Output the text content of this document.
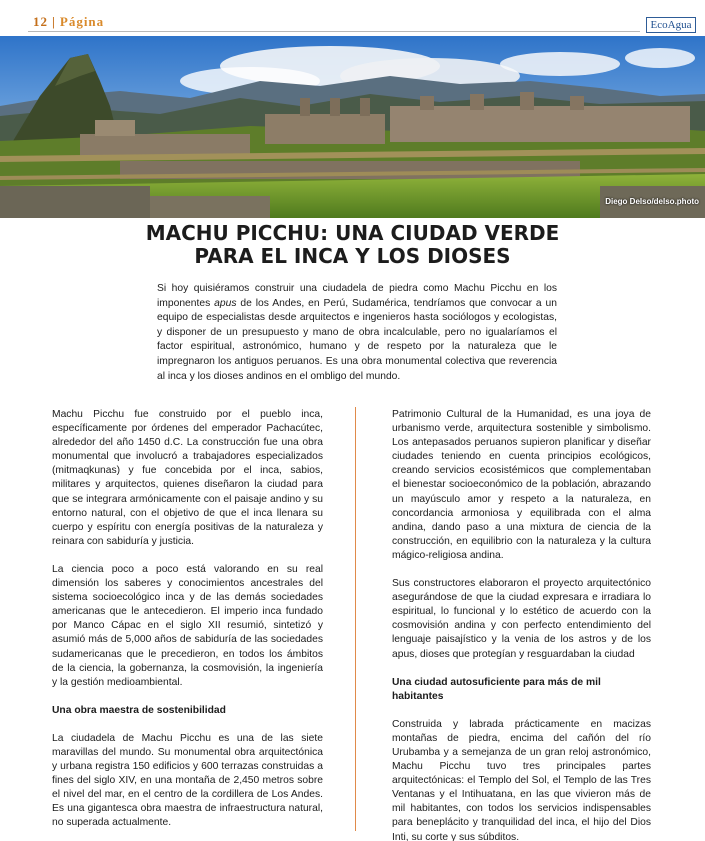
12 | Página	EcoAgua
Diego Delso/delso.photo
MACHU PICCHU: UNA CIUDAD VERDE
PARA EL INCA Y LOS DIOSES

Si hoy quisiéramos construir una ciudadela de piedra como Machu Picchu en los imponentes apus de los Andes, en Perú, Sudamérica, tendríamos que convocar a un equipo de especialistas desde arquitectos e ingenieros hasta sociólogos y ecologistas, y disponer de un presupuesto y mano de obra incalculable, pero no igualaríamos el factor espiritual, astronómico, humano y de respeto por la naturaleza que le impregnaron los antiguos peruanos. Es una obra monumental colectiva que reverencia al inca y los dioses andinos en el ombligo del mundo.

Machu Picchu fue construido por el pueblo inca, específicamente por órdenes del emperador Pachacútec, alrededor del año 1450 d.C. La construcción fue una obra monumental que involucró a trabajadores especializados (mitmaqkunas) y fue concebida por el inca, sabios, militares y arquitectos, quienes diseñaron la ciudad para que se integrara armónicamente con el paisaje andino y su entorno natural, con el objetivo de que el inca llenara su cuerpo y espíritu con energía positivas de la naturaleza y reinara con sabiduría y justicia.

La ciencia poco a poco está valorando en su real dimensión los saberes y conocimientos ancestrales del sistema socioecológico inca y de las demás sociedades americanas que le antecedieron. El imperio inca fundado por Manco Cápac en el siglo XII resumió, sintetizó y asumió más de 5,000 años de sabiduría de las sociedades sudamericanas que le precedieron, en todos los ámbitos de la ciencia, la gobernanza, la cosmovisión, la ingeniería y la gestión medioambiental.

Una obra maestra de sostenibilidad

La ciudadela de Machu Picchu es una de las siete maravillas del mundo. Su monumental obra arquitectónica y urbana registra 150 edificios y 600 terrazas construidas a fines del siglo XIV, en una montaña de 2,450 metros sobre el nivel del mar, en el centro de la cordillera de Los Andes. Es una gigantesca obra maestra de infraestructura natural, no superada actualmente.

Patrimonio Cultural de la Humanidad, es una joya de urbanismo verde, arquitectura sostenible y simbolismo. Los antepasados peruanos supieron planificar y diseñar ciudades teniendo en cuenta principios ecológicos, creando servicios ecosistémicos que complementaban el bienestar socioeconómico de la población, abrazando un mayúsculo amor y respeto a la naturaleza, en concordancia armoniosa y equilibrada con el alma andina, dando paso a una mixtura de ciencia de la construcción, en equilibrio con la naturaleza y la cultura mágico-religiosa andina.

Sus constructores elaboraron el proyecto arquitectónico asegurándose de que la ciudad expresara e irradiara lo espiritual, lo funcional y lo estético de acuerdo con la cosmovisión andina y con perfecto entendimiento del lenguaje paisajístico y la venia de los astros y de los apus, dioses que protegían y resguardaban la ciudad

Una ciudad autosuficiente para más de mil habitantes

Construida y labrada prácticamente en macizas montañas de piedra, encima del cañón del río Urubamba y a semejanza de un gran reloj astronómico, Machu Picchu tuvo tres principales partes arquitectónicas: el Templo del Sol, el Templo de las Tres Ventanas y el Intihuatana, en las que vivieron más de mil habitantes, con todos los servicios indispensables para beneplácito y tranquilidad del inca, el hijo del Dios Inti, su corte y sus súbditos.
